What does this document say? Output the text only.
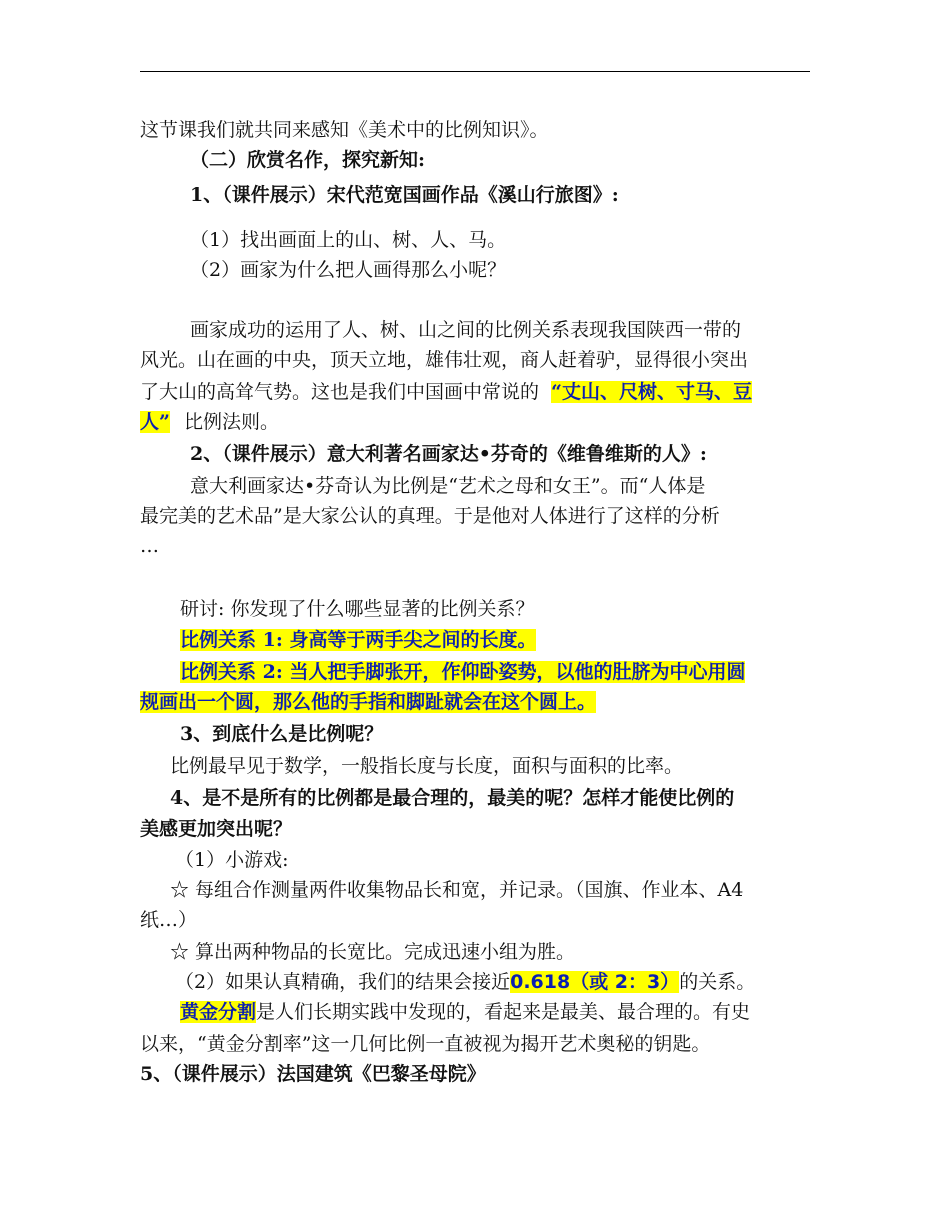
这节课我们就共同来感知《美术中的比例知识》。
（二）欣赏名作，探究新知:
1、（课件展示）宋代范宽国画作品《溪山行旅图》:
（1）找出画面上的山、树、人、马。
（2）画家为什么把人画得那么小呢？
画家成功的运用了人、树、山之间的比例关系表现我国陕西一带的
风光。山在画的中央，顶天立地，雄伟壮观，商人赶着驴，显得很小突出
了大山的高耸气势。这也是我们中国画中常说的 “丈山、尺树、寸马、豆
人” 比例法则。
2、（课件展示）意大利著名画家达•芬奇的《维鲁维斯的人》:
意大利画家达•芬奇认为比例是“艺术之母和女王”。而“人体是
最完美的艺术品”是大家公认的真理。于是他对人体进行了这样的分析
…
研讨: 你发现了什么哪些显著的比例关系？
比例关系 1: 身高等于两手尖之间的长度。
比例关系 2: 当人把手脚张开，作仰卧姿势，以他的肚脐为中心用圆
规画出一个圆，那么他的手指和脚趾就会在这个圆上。
3、到底什么是比例呢？
比例最早见于数学，一般指长度与长度，面积与面积的比率。
4、是不是所有的比例都是最合理的，最美的呢？怎样才能使比例的
美感更加突出呢？
（1）小游戏:
☆ 每组合作测量两件收集物品长和宽，并记录。（国旗、作业本、A4
纸…）
☆ 算出两种物品的长宽比。完成迅速小组为胜。
（2）如果认真精确，我们的结果会接近0.618（或 2：3）的关系。
黄金分割是人们长期实践中发现的，看起来是最美、最合理的。有史
以来，“黄金分割率”这一几何比例一直被视为揭开艺术奥秘的钥匙。
5、（课件展示）法国建筑《巴黎圣母院》
